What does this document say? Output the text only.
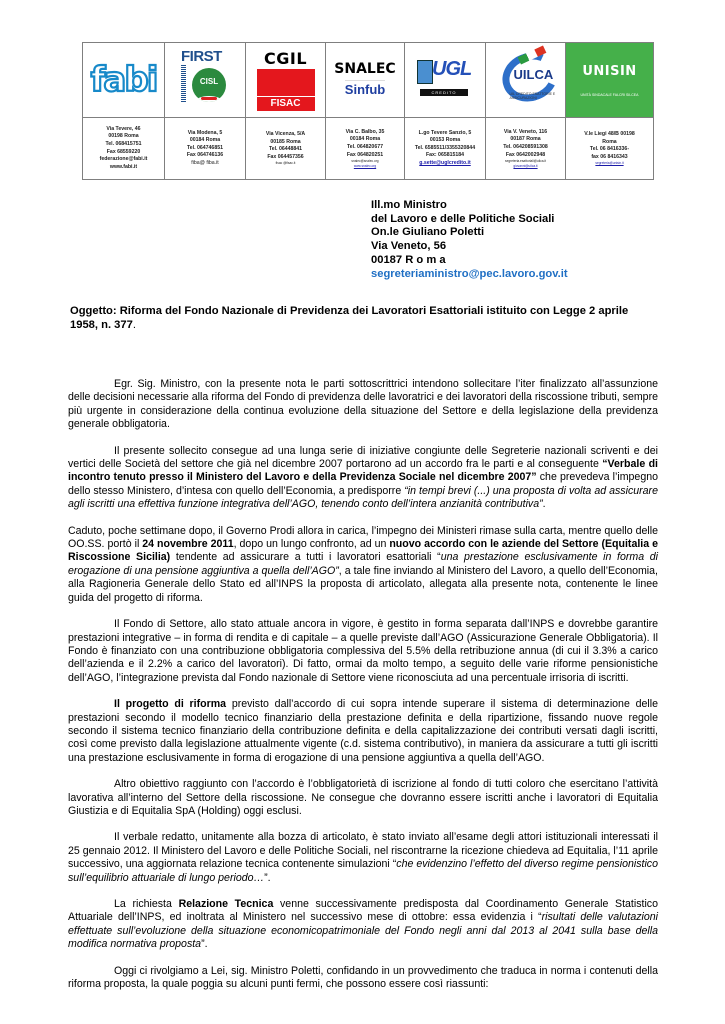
fabi	
FIRST
CISL

CGIL
FISAC

SNALEC
Sinfub	
UGL
CREDITO

UILCA
UIL CREDITO ESATTORIE E ASSICURAZIONI

UNISIN
UNITÀ SINDACALE FALCRI SILCEA

Via Tevere, 46
00198 Roma
Tel. 068415751
Fax 68559220
federazione@fabi.it
www.fabi.it

Via Modena, 5
00184 Roma
Tel. 064746851
Fax 064746136
fiba@ fiba.it

Via Vicenza, 5/A
00185 Roma
Tel. 06448841
Fax 064457356
fisac @fisac.it

Via C. Balbo, 35
00184 Roma
Tel. 064820677
Fax 064820251
snalec@snalec.org
www.snalec.org

L.go Tevere Sanzio, 5
00153 Roma
Tel. 6585511/3355320844
Fax: 065815184
g.sette@uglcredito.it

Via V. Veneto, 116
00187 Roma
Tel. 064208591308
Fax 0642002948
segreteria.esattoriali@uilca.it
giovanni@uilca.it

V.le Liegi 48/B 00198
Roma
Tel. 06 8416336-
fax 06 8416343
segreteria@unisin.it
Ill.mo Ministro
del Lavoro e delle Politiche Sociali
On.le Giuliano Poletti
Via Veneto, 56
00187 R o m a
segreteriaministro@pec.lavoro.gov.it
Oggetto: Riforma del Fondo Nazionale di Previdenza dei Lavoratori Esattoriali istituito con Legge 2 aprile 1958, n. 377.

Egr. Sig. Ministro, con la presente nota le parti sottoscrittrici intendono sollecitare l’iter finalizzato all’assunzione delle decisioni necessarie alla riforma del Fondo di previdenza delle lavoratrici e dei lavoratori della riscossione tributi, sempre più urgente in considerazione della continua evoluzione della situazione del Settore e della legislazione della previdenza generale obbligatoria.

Il presente sollecito consegue ad una lunga serie di iniziative congiunte delle Segreterie nazionali scriventi e dei vertici delle Società del settore che già nel dicembre 2007 portarono ad un accordo fra le parti e al conseguente “Verbale di incontro tenuto presso il Ministero del Lavoro e della Previdenza Sociale nel dicembre 2007” che prevedeva l’impegno dello stesso Ministero, d’intesa con quello dell’Economia, a predisporre “in tempi brevi (...) una proposta di volta ad assicurare agli iscritti una effettiva funzione integrativa dell’AGO, tenendo conto dell’intera anzianità contributiva”.

Caduto, poche settimane dopo, il Governo Prodi allora in carica, l’impegno dei Ministeri rimase sulla carta, mentre quello delle OO.SS. portò il 24 novembre 2011, dopo un lungo confronto, ad un nuovo accordo con le aziende del Settore (Equitalia e Riscossione Sicilia) tendente ad assicurare a tutti i lavoratori esattoriali “una prestazione esclusivamente in forma di erogazione di una pensione aggiuntiva a quella dell’AGO”, a tale fine inviando al Ministero del Lavoro, a quello dell’Economia, alla Ragioneria Generale dello Stato ed all’INPS la proposta di articolato, allegata alla presente nota, contenente le linee guida del progetto di riforma.

Il Fondo di Settore, allo stato attuale ancora in vigore, è gestito in forma separata dall’INPS e dovrebbe garantire prestazioni integrative – in forma di rendita e di capitale – a quelle previste dall’AGO (Assicurazione Generale Obbligatoria). Il Fondo è finanziato con una contribuzione obbligatoria complessiva del 5.5% della retribuzione annua (di cui il 3.3% a carico dell’azienda e il 2.2% a carico del lavoratori). Di fatto, ormai da molto tempo, a seguito delle varie riforme pensionistiche dell’AGO, l’integrazione prevista dal Fondo nazionale di Settore viene riconosciuta ad una percentuale irrisoria di iscritti.

Il progetto di riforma previsto dall’accordo di cui sopra intende superare il sistema di determinazione delle prestazioni secondo il modello tecnico finanziario della prestazione definita e della ripartizione, fissando nuove regole secondo il sistema tecnico finanziario della contribuzione definita e della capitalizzazione dei contributi versati dagli iscritti, così come previsto dalla legislazione attualmente vigente (c.d. sistema contributivo), in maniera da assicurare a tutti gli iscritti una prestazione esclusivamente in forma di erogazione di una pensione aggiuntiva a quella dell’AGO.

Altro obiettivo raggiunto con l’accordo è l’obbligatorietà di iscrizione al fondo di tutti coloro che esercitano l’attività lavorativa all’interno del Settore della riscossione. Ne consegue che dovranno essere iscritti anche i lavoratori di Equitalia Giustizia e di Equitalia SpA (Holding) oggi esclusi.

Il verbale redatto, unitamente alla bozza di articolato, è stato inviato all’esame degli attori istituzionali interessati il 25 gennaio 2012. Il Ministero del Lavoro e delle Politiche Sociali, nel riscontrarne la ricezione chiedeva ad Equitalia, l’11 aprile successivo, una aggiornata relazione tecnica contenente simulazioni “che evidenzino l’effetto del diverso regime pensionistico sull’equilibrio attuariale di lungo periodo…”.

La richiesta Relazione Tecnica venne successivamente predisposta dal Coordinamento Generale Statistico Attuariale dell’INPS, ed inoltrata al Ministero nel successivo mese di ottobre: essa evidenzia i “risultati delle valutazioni effettuate sull’evoluzione della situazione economicopatrimoniale del Fondo negli anni dal 2013 al 2041 sulla base della modifica normativa proposta”.

Oggi ci rivolgiamo a Lei, sig. Ministro Poletti, confidando in un provvedimento che traduca in norma i contenuti della riforma proposta, la quale poggia su alcuni punti fermi, che possono essere così riassunti:
